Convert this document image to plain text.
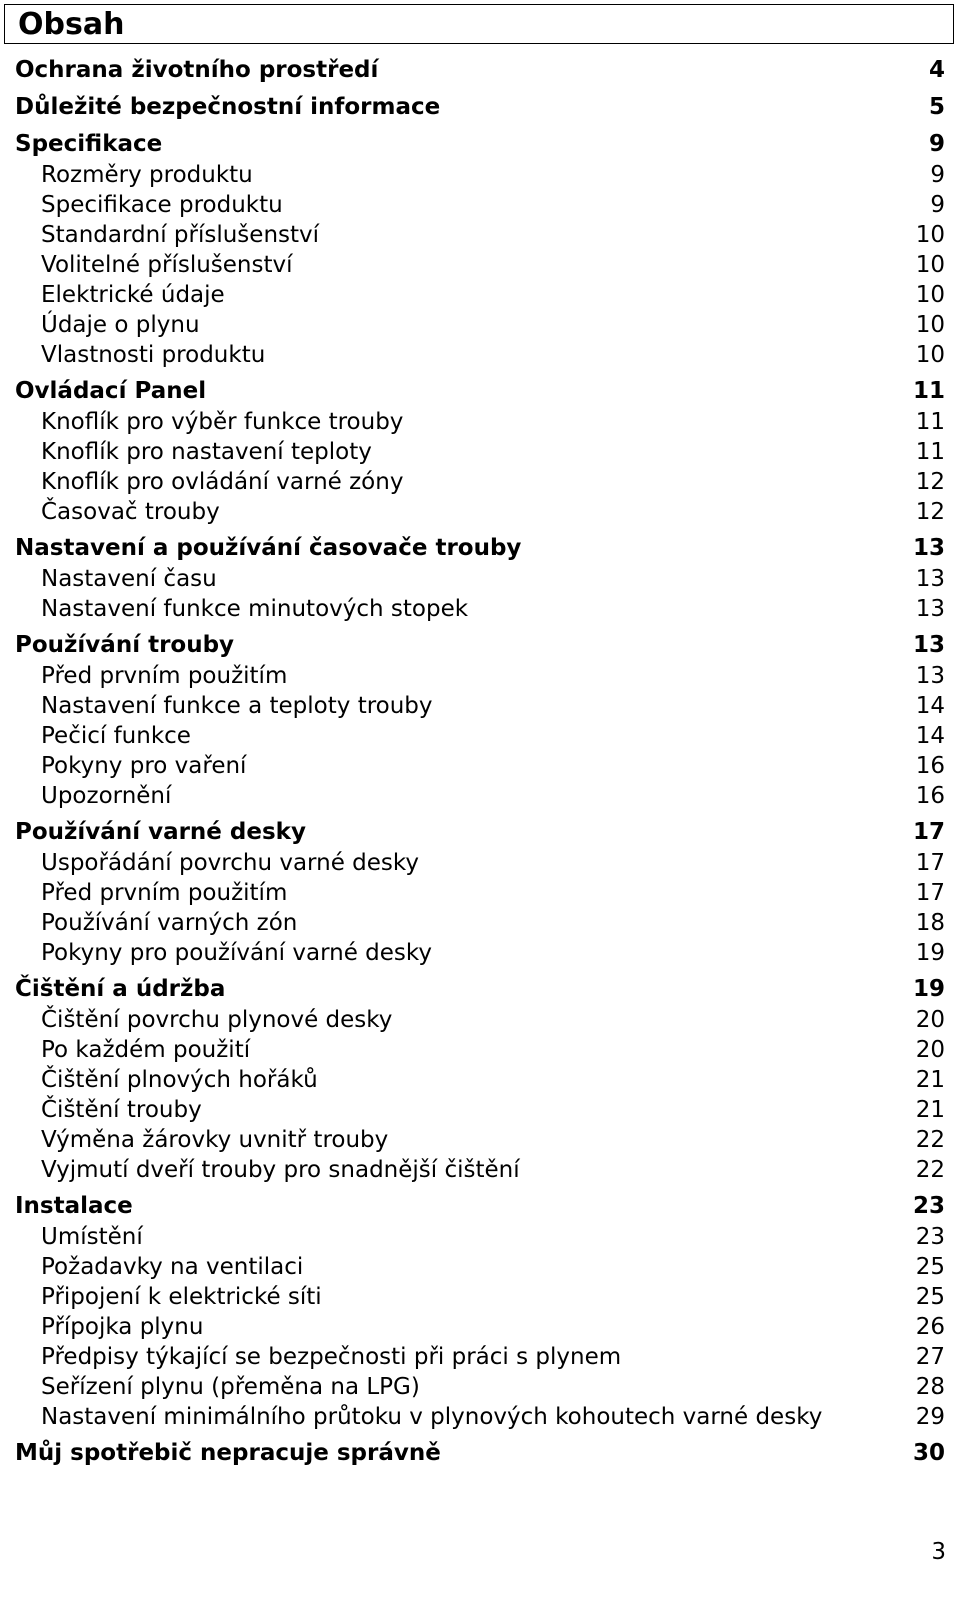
Obsah
Ochrana životního prostředí	4
Důležité bezpečnostní informace	5
Specifikace	9
Rozměry produktu	9
Specifikace produktu	9
Standardní příslušenství	10
Volitelné příslušenství	10
Elektrické údaje	10
Údaje o plynu	10
Vlastnosti produktu	10
Ovládací Panel	11
Knoflík pro výběr funkce trouby	11
Knoflík pro nastavení teploty	11
Knoflík pro ovládání varné zóny	12
Časovač trouby	12
Nastavení a používání časovače trouby	13
Nastavení času	13
Nastavení funkce minutových stopek	13
Používání trouby	13
Před prvním použitím	13
Nastavení funkce a teploty trouby	14
Pečicí funkce	14
Pokyny pro vaření	16
Upozornění	16
Používání varné desky	17
Uspořádání povrchu varné desky	17
Před prvním použitím	17
Používání varných zón	18
Pokyny pro používání varné desky	19
Čištění a údržba	19
Čištění povrchu plynové desky	20
Po každém použití	20
Čištění plnových hořáků	21
Čištění trouby	21
Výměna žárovky uvnitř trouby	22
Vyjmutí dveří trouby pro snadnější čištění	22
Instalace	23
Umístění	23
Požadavky na ventilaci	25
Připojení k elektrické síti	25
Přípojka plynu	26
Předpisy týkající se bezpečnosti při práci s plynem	27
Seřízení plynu (přeměna na LPG)	28
Nastavení minimálního průtoku v plynových kohoutech varné desky	29
Můj spotřebič nepracuje správně	30
3
